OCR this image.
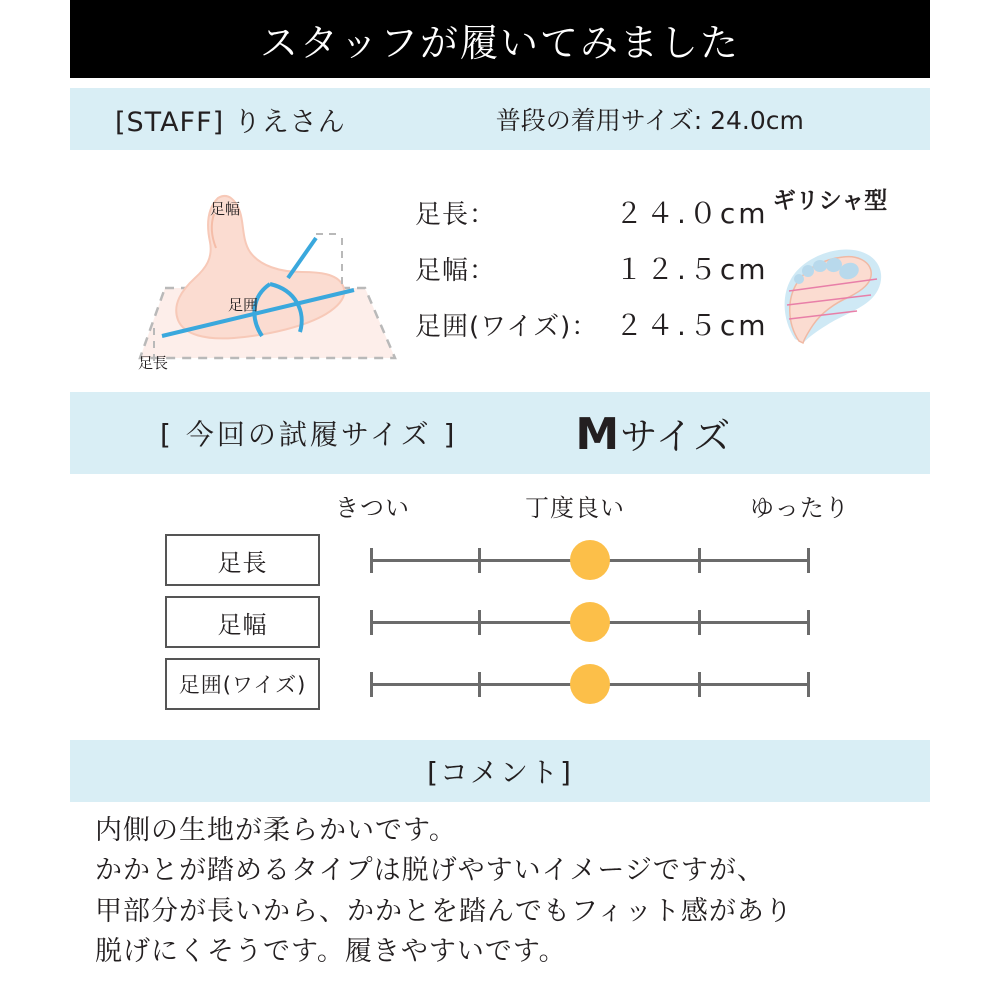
スタッフが履いてみました
[STAFF] りえさん	普段の着用サイズ: 24.0cm
足幅
足囲
足長
足長：	２４.０cm
足幅：	１２.５cm
足囲(ワイズ)： ２４.５cm
ギリシャ型
[ 今回の試履サイズ ]	Mサイズ
きつい	丁度良い	ゆったり
足長
足幅
足囲(ワイズ)
[コメント]

内側の生地が柔らかいです。

かかとが踏めるタイプは脱げやすいイメージですが、

甲部分が長いから、かかとを踏んでもフィット感があり

脱げにくそうです。履きやすいです。
